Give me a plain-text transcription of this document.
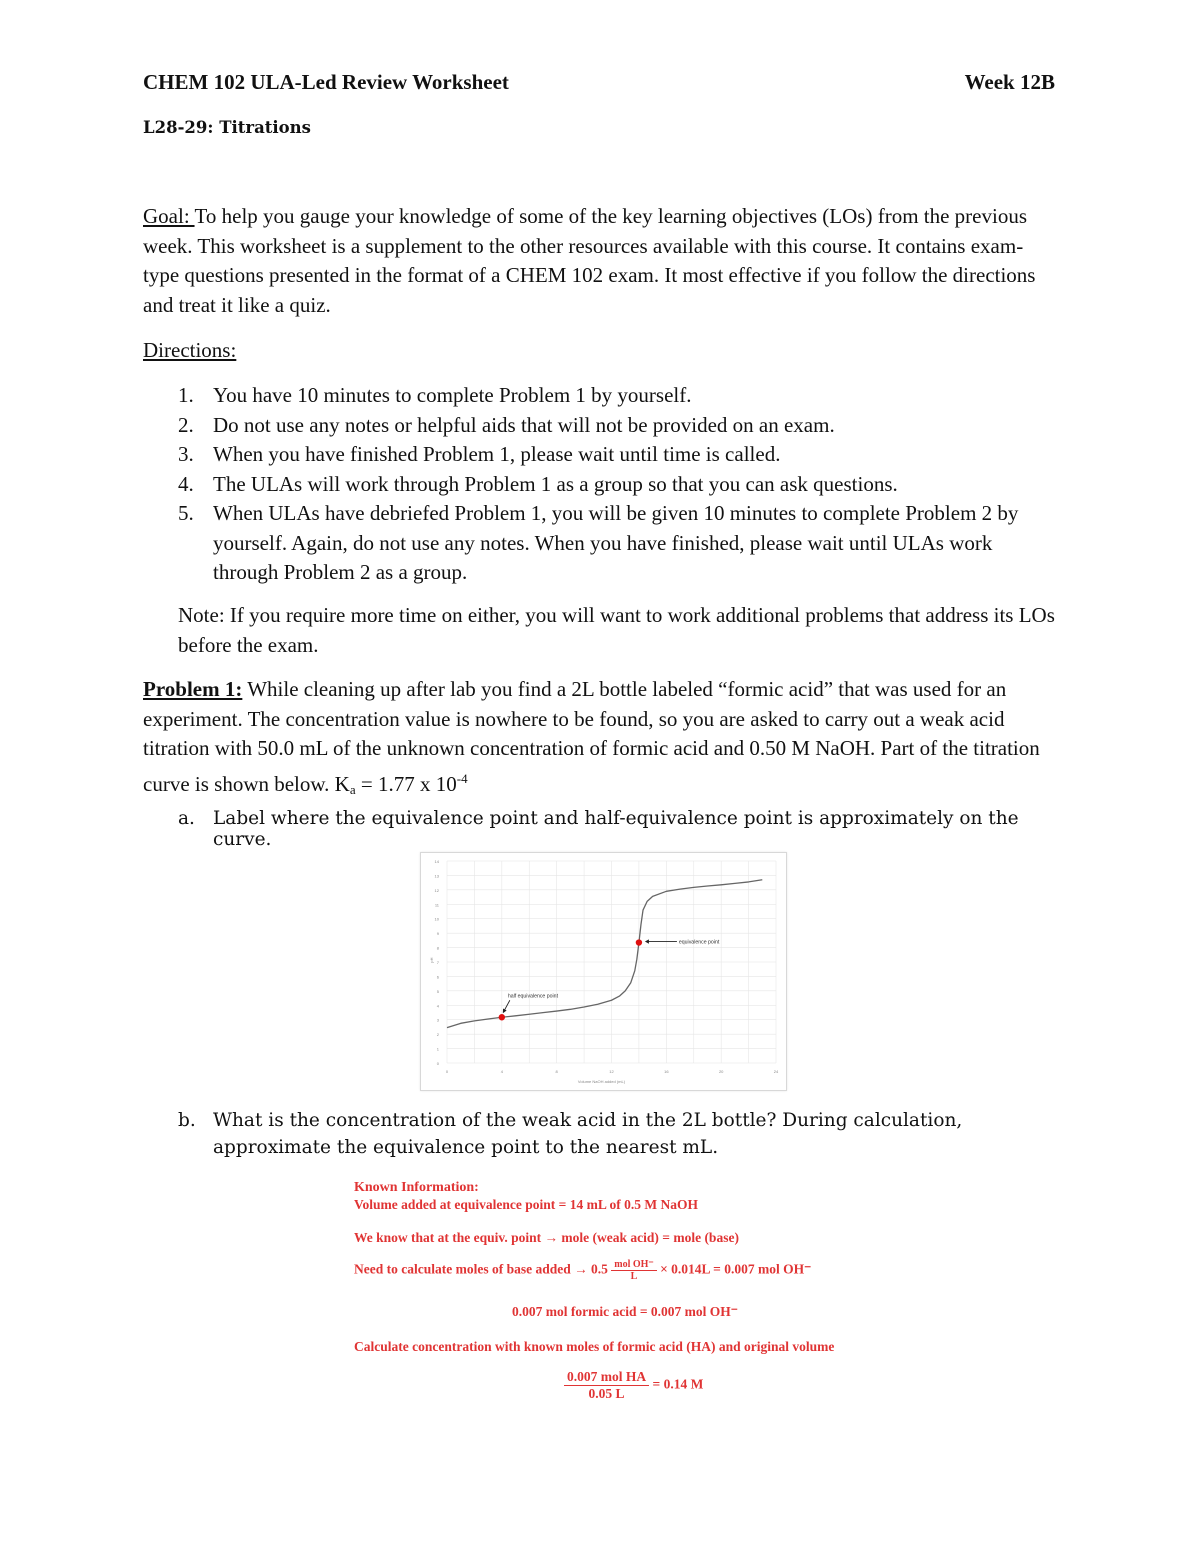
CHEM 102 ULA-Led Review Worksheet	Week 12B
L28-29: Titrations
Goal: To help you gauge your knowledge of some of the key learning objectives (LOs) from the previous week. This worksheet is a supplement to the other resources available with this course. It contains exam-type questions presented in the format of a CHEM 102 exam. It most effective if you follow the directions and treat it like a quiz.
Directions:
1. You have 10 minutes to complete Problem 1 by yourself.
2. Do not use any notes or helpful aids that will not be provided on an exam.
3. When you have finished Problem 1, please wait until time is called.
4. The ULAs will work through Problem 1 as a group so that you can ask questions.
5. When ULAs have debriefed Problem 1, you will be given 10 minutes to complete Problem 2 by yourself. Again, do not use any notes. When you have finished, please wait until ULAs work through Problem 2 as a group.
Note: If you require more time on either, you will want to work additional problems that address its LOs before the exam.
Problem 1: While cleaning up after lab you find a 2L bottle labeled “formic acid” that was used for an experiment. The concentration value is nowhere to be found, so you are asked to carry out a weak acid titration with 50.0 mL of the unknown concentration of formic acid and 0.50 M NaOH. Part of the titration curve is shown below. Ka = 1.77 x $10^{-4}$
a. Label where the equivalence point and half-equivalence point is approximately on the curve.
0
1
2
3
4
5
6
7
8
9
10
11
12
13
14
0	4	8	12	16	20	24
Volume NaOH added (mL)
pH
equivalence point
half equivalence point
b. What is the concentration of the weak acid in the 2L bottle? During calculation, approximate the equivalence point to the nearest mL.
Known Information:
Volume added at equivalence point = 14 mL of 0.5 M NaOH
We know that at the equiv. point → mole (weak acid) = mole (base)
Need to calculate moles of base added → $0.5 \frac{\text{mol OH⁻}}{L} \times 0.014L = 0.007$ mol OH⁻
0.007 mol formic acid = 0.007 mol OH⁻
Calculate concentration with known moles of formic acid (HA) and original volume
$\frac{\text{0.007 mol HA}}{0.05 L} = 0.14$ M
